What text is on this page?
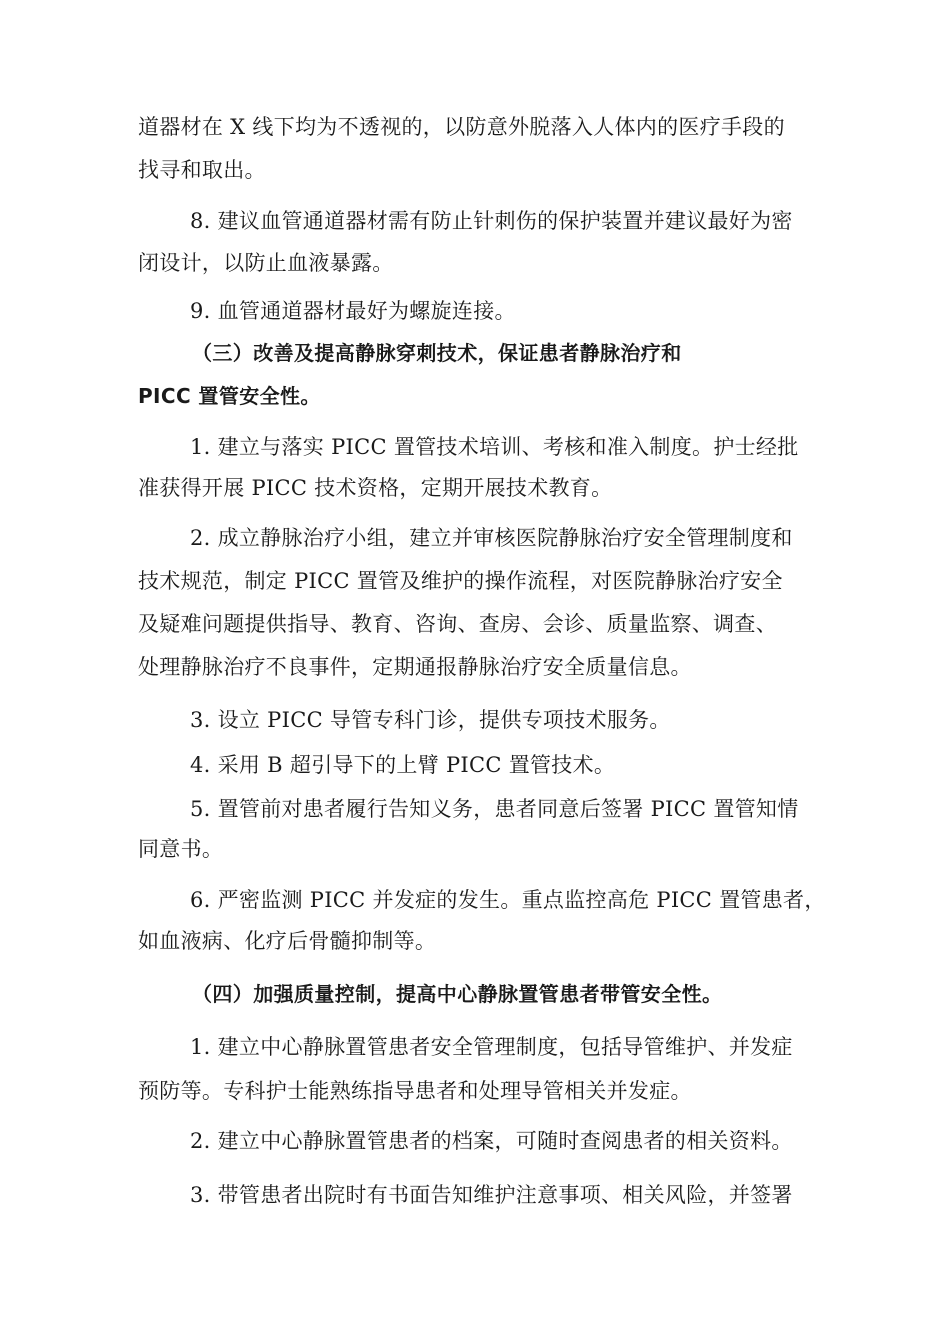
道器材在 X 线下均为不透视的，以防意外脱落入人体内的医疗手段的

找寻和取出。

8. 建议血管通道器材需有防止针刺伤的保护装置并建议最好为密

闭设计，以防止血液暴露。

9. 血管通道器材最好为螺旋连接。

（三）改善及提高静脉穿刺技术，保证患者静脉治疗和

PICC 置管安全性。

1. 建立与落实 PICC 置管技术培训、考核和准入制度。护士经批

准获得开展 PICC 技术资格，定期开展技术教育。

2. 成立静脉治疗小组，建立并审核医院静脉治疗安全管理制度和

技术规范，制定 PICC 置管及维护的操作流程，对医院静脉治疗安全

及疑难问题提供指导、教育、咨询、查房、会诊、质量监察、调查、

处理静脉治疗不良事件，定期通报静脉治疗安全质量信息。

3. 设立 PICC 导管专科门诊，提供专项技术服务。

4. 采用 B 超引导下的上臂 PICC 置管技术。

5. 置管前对患者履行告知义务，患者同意后签署 PICC 置管知情

同意书。

6. 严密监测 PICC 并发症的发生。重点监控高危 PICC 置管患者，

如血液病、化疗后骨髓抑制等。

（四）加强质量控制，提高中心静脉置管患者带管安全性。

1. 建立中心静脉置管患者安全管理制度，包括导管维护、并发症

预防等。专科护士能熟练指导患者和处理导管相关并发症。

2. 建立中心静脉置管患者的档案，可随时查阅患者的相关资料。

3. 带管患者出院时有书面告知维护注意事项、相关风险，并签署
